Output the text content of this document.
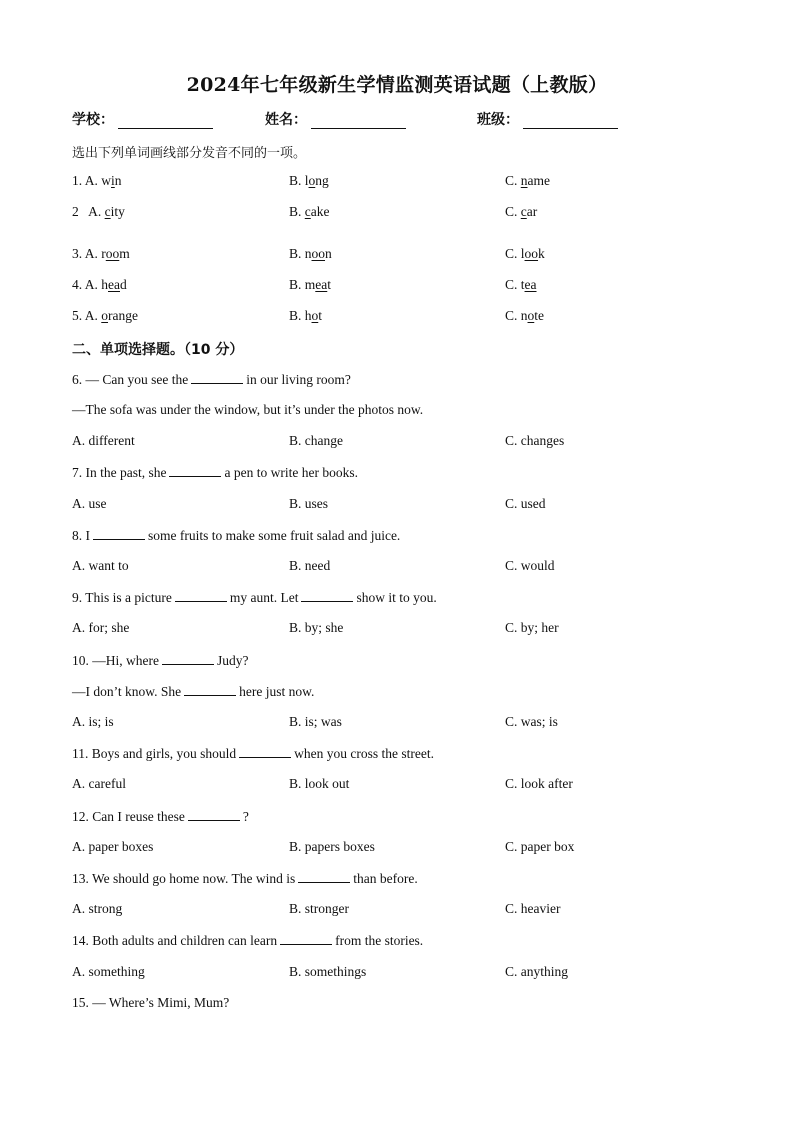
2024年七年级新生学情监测英语试题（上教版）
学校：	姓名：	班级：
选出下列单词画线部分发音不同的一项。
1. A. win	B. long	C. name
2 A. city	B. cake	C. car
3. A. room	B. noon	C. look
4. A. head	B. meat	C. tea
5. A. orange	B. hot	C. note
二、单项选择题。（10 分）
6. — Can you see the	in our living room?
—The sofa was under the window, but it’s under the photos now.
A. different	B. change	C. changes
7. In the past, she	a pen to write her books.
A. use	B. uses	C. used
8. I	some fruits to make some fruit salad and juice.
A. want to	B. need	C. would
9. This is a picture	my aunt. Let	show it to you.
A. for; she	B. by; she	C. by; her
10. —Hi, where	Judy?
—I don’t know. She	here just now.
A. is; is	B. is; was	C. was; is
11. Boys and girls, you should	when you cross the street.
A. careful	B. look out	C. look after
12. Can I reuse these	?
A. paper boxes	B. papers boxes	C. paper box
13. We should go home now. The wind is	than before.
A. strong	B. stronger	C. heavier
14. Both adults and children can learn	from the stories.
A. something	B. somethings	C. anything
15. — Where’s Mimi, Mum?
